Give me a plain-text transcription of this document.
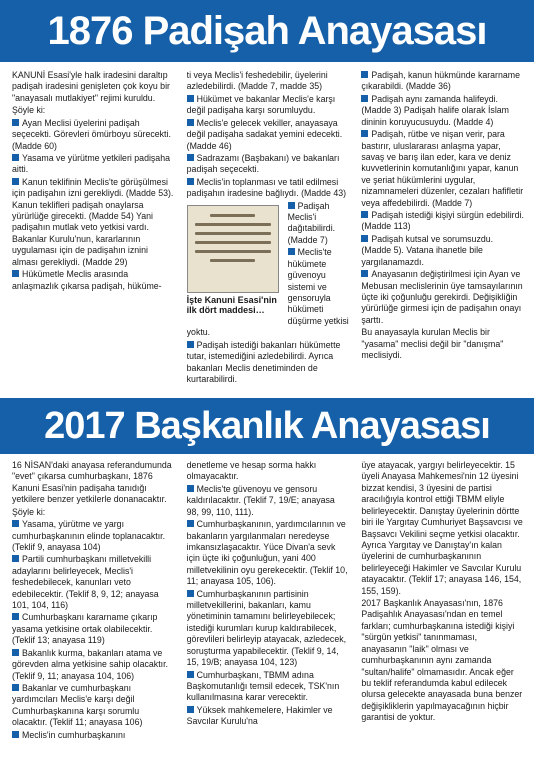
1876 Padişah Anayasası

KANUNİ Esasi'yle halk iradesini daraltıp padişah iradesini genişleten çok koyu bir "anayasalı mutlakiyet" rejimi kuruldu.

Şöyle ki:

Ayan Meclisi üyelerini padişah seçecekti. Görevleri ömürboyu sürecekti. (Madde 60)

Yasama ve yürütme yetkileri padişaha aitti.

Kanun teklifinin Meclis'te görüşülmesi için padişahın izni gerekliydi. (Madde 53). Kanun teklifleri padişah onaylarsa yürürlüğe girecekti. (Madde 54) Yani padişahın mutlak veto yetkisi vardı. Bakanlar Kurulu'nun, kararlarının uygulaması için de padişahın iznini alması gerekliydi. (Madde 29)

Hükümetle Meclis arasında anlaşmazlık çıkarsa padişah, hüküme-

ti veya Meclis'i feshedebilir, üyelerini azledebilirdi. (Madde 7, madde 35)

Hükümet ve bakanlar Meclis'e karşı değil padişaha karşı sorumluydu.

Meclis'e gelecek vekiller, anayasaya değil padişaha sadakat yemini edecekti. (Madde 46)

Sadrazamı (Başbakanı) ve bakanları padişah seçecekti.

Meclis'in toplanması ve tatil edilmesi padişahın iradesine bağlıydı. (Madde 43)

İşte Kanuni Esasi'nin ilk dört maddesi…

Padişah Meclis'i dağıtabilirdi. (Madde 7)

Meclis'te hükümete güvenoyu sistemi ve gensoruyla hükümeti düşürme yetkisi yoktu.

Padişah istediği bakanları hükümette tutar, istemediğini azledebilirdi. Ayrıca bakanları Meclis denetiminden de kurtarabilirdi.

Padişah, kanun hükmünde kararname çıkarabildi. (Madde 36)

Padişah aynı zamanda halifeydi. (Madde 3) Padişah halife olarak İslam dininin koruyucusuydu. (Madde 4)

Padişah, rütbe ve nişan verir, para bastırır, uluslararası anlaşma yapar, savaş ve barış ilan eder, kara ve deniz kuvvetlerinin komutanlığını yapar, kanun ve şeriat hükümlerini uygular, nizamnameleri düzenler, cezaları hafifletir veya affedebilirdi. (Madde 7)

Padişah istediği kişiyi sürgün edebilirdi. (Madde 113)

Padişah kutsal ve sorumsuzdu. (Madde 5). Vatana ihanetle bile yargılanamazdı.

Anayasanın değiştirilmesi için Ayan ve Mebusan meclislerinin üye tamsayılarının üçte iki çoğunluğu gerekirdi. Değişikliğin yürürlüğe girmesi için de padişahın onayı şarttı.

Bu anayasayla kurulan Meclis bir "yasama" meclisi değil bir "danışma" meclisiydi.

2017 Başkanlık Anayasası

16 NİSAN'daki anayasa referandumunda "evet" çıkarsa cumhurbaşkanı, 1876 Kanuni Esasi'nin padişaha tanıdığı yetkilere benzer yetkilerle donanacaktır.

Şöyle ki:

Yasama, yürütme ve yargı cumhurbaşkanının elinde toplanacaktır. (Teklif 9, anayasa 104)

Partili cumhurbaşkanı milletvekilli adaylarını belirleyecek, Meclis'i feshedebilecek, kanunları veto edebilecektir. (Teklif 8, 9, 12; anayasa 101, 104, 116)

Cumhurbaşkanı kararname çıkarıp yasama yetkisine ortak olabilecektir. (Teklif 13; anayasa 119)

Bakanlık kurma, bakanları atama ve görevden alma yetkisine sahip olacaktır. (Teklif 9, 11; anayasa 104, 106)

Bakanlar ve cumhurbaşkanı yardımcıları Meclis'e karşı değil Cumhurbaşkanına karşı sorumlu olacaktır. (Teklif 11; anayasa 106)

Meclis'in cumhurbaşkanını

denetleme ve hesap sorma hakkı olmayacaktır.

Meclis'te güvenoyu ve gensoru kaldırılacaktır. (Teklif 7, 19/E; anayasa 98, 99, 110, 111).

Cumhurbaşkanının, yardımcılarının ve bakanların yargılanmaları neredeyse imkansızlaşacaktır. Yüce Divan'a sevk için üçte iki çoğunluğun, yani 400 milletvekilinin oyu gerekecektir. (Teklif 10, 11; anayasa 105, 106).

Cumhurbaşkanının partisinin milletvekillerini, bakanları, kamu yönetiminin tamamını belirleyebilecek; istediği kurumları kurup kaldırabilecek, görevlileri belirleyip atayacak, azledecek, soruşturma yapabilecektir. (Teklif 9, 14, 15, 19/B; anayasa 104, 123)

Cumhurbaşkanı, TBMM adına Başkomutanlığı temsil edecek, TSK'nın kullanılmasına karar verecektir.

Yüksek mahkemelere, Hakimler ve Savcılar Kurulu'na

üye atayacak, yargıyı belirleyecektir. 15 üyeli Anayasa Mahkemesi'nin 12 üyesini bizzat kendisi, 3 üyesini de partisi aracılığıyla kontrol ettiği TBMM eliyle belirleyecektir. Danıştay üyelerinin dörtte biri ile Yargıtay Cumhuriyet Başsavcısı ve Başsavcı Vekilini seçme yetkisi olacaktır. Ayrıca Yargıtay ve Danıştay'ın kalan üyelerini de cumhurbaşkanının belirleyeceği Hakimler ve Savcılar Kurulu atayacaktır. (Teklif 17; anayasa 146, 154, 155, 159).

2017 Başkanlık Anayasası'nın, 1876 Padişahlık Anayasası'ndan en temel farkları; cumhurbaşkanına istediği kişiyi "sürgün yetkisi" tanınmaması, anayasanın "laik" olması ve cumhurbaşkanının aynı zamanda "sultan/halife" olmamasıdır. Ancak eğer bu teklif referandumda kabul edilecek olursa gelecekte anayasada buna benzer değişikliklerin yapılmayacağının hiçbir garantisi de yoktur.
